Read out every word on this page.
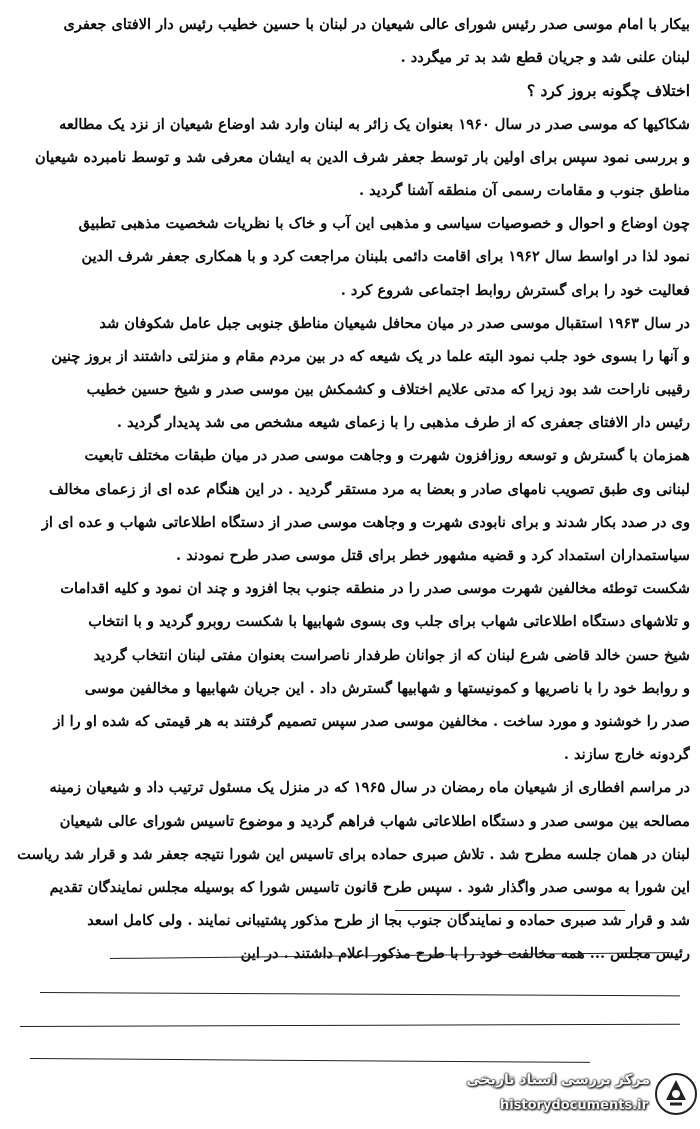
بیکار با امام موسی صدر رئیس شورای عالی شیعیان در لبنان با حسین خطیب رئیس دار الافتای جعفری
لبنان علنی شد و جریان قطع شد بد تر میگردد .
اختلاف چگونه بروز کرد ؟
شکاکیها که موسی صدر در سال ۱۹۶۰ بعنوان یک زائر به لبنان وارد شد اوضاع شیعیان از نزد یک مطالعه
و بررسی نمود سپس برای اولین بار توسط جعفر شرف الدین به ایشان معرفی شد و توسط نامبرده شیعیان
مناطق جنوب و مقامات رسمی آن منطقه آشنا گردید .
چون اوضاع و احوال و خصوصیات سیاسی و مذهبی این آب و خاک با نظریات شخصیت مذهبی تطبیق
نمود لذا در اواسط سال ۱۹۶۲ برای اقامت دائمی بلبنان مراجعت کرد و با همکاری جعفر شرف الدین
فعالیت خود را برای گسترش روابط اجتماعی شروع کرد .
در سال ۱۹۶۳ استقبال موسی صدر در میان محافل شیعیان مناطق جنوبی جبل عامل شکوفان شد
و آنها را بسوی خود جلب نمود البته علما در یک شیعه که در بین مردم مقام و منزلتی داشتند از بروز چنین
رقیبی ناراحت شد بود زیرا که مدتی علایم اختلاف و کشمکش بین موسی صدر و شیخ حسین خطیب
رئیس دار الافتای جعفری که از طرف مذهبی را با زعمای شیعه مشخص می شد پدیدار گردید .
همزمان با گسترش و توسعه روزافزون شهرت و وجاهت موسی صدر در میان طبقات مختلف تابعیت
لبنانی وی طبق تصویب نامهای صادر و بعضا به مرد مستقر گردید . در این هنگام عده ای از زعمای مخالف
وی در صدد بکار شدند و برای نابودی شهرت و وجاهت موسی صدر از دستگاه اطلاعاتی شهاب و عده ای از
سیاستمداران استمداد کرد و قضیه مشهور خطر برای قتل موسی صدر طرح نمودند .
شکست توطئه مخالفین شهرت موسی صدر را در منطقه جنوب بجا افزود و چند ان نمود و کلیه اقدامات
و تلاشهای دستگاه اطلاعاتی شهاب برای جلب وی بسوی شهابیها با شکست روبرو گردید و با انتخاب
شیخ حسن خالد قاضی شرع لبنان که از جوانان طرفدار ناصراست بعنوان مفتی لبنان انتخاب گردید
و روابط خود را با ناصریها و کمونیستها و شهابیها گسترش داد . این جریان شهابیها و مخالفین موسی
صدر را خوشنود و مورد ساخت . مخالفین موسی صدر سپس تصمیم گرفتند به هر قیمتی که شده او را از
گردونه خارج سازند .
در مراسم افطاری از شیعیان ماه رمضان در سال ۱۹۶۵ که در منزل یک مسئول ترتیب داد و شیعیان زمینه
مصالحه بین موسی صدر و دستگاه اطلاعاتی شهاب فراهم گردید و موضوع تاسیس شورای عالی شیعیان
لبنان در همان جلسه مطرح شد . تلاش صبری حماده برای تاسیس این شورا نتیجه جعفر شد و قرار شد ریاست
این شورا به موسی صدر واگذار شود . سپس طرح قانون تاسیس شورا که بوسیله مجلس نمایندگان تقدیم
شد و قرار شد صبری حماده و نمایندگان جنوب بجا از طرح مذکور پشتیبانی نمایند . ولی کامل اسعد
رئیس مجلس ... همه مخالفت خود را با طرح مذکور اعلام داشتند . در این
مرکز بررسی اسناد تاریخی
historydocuments.ir
